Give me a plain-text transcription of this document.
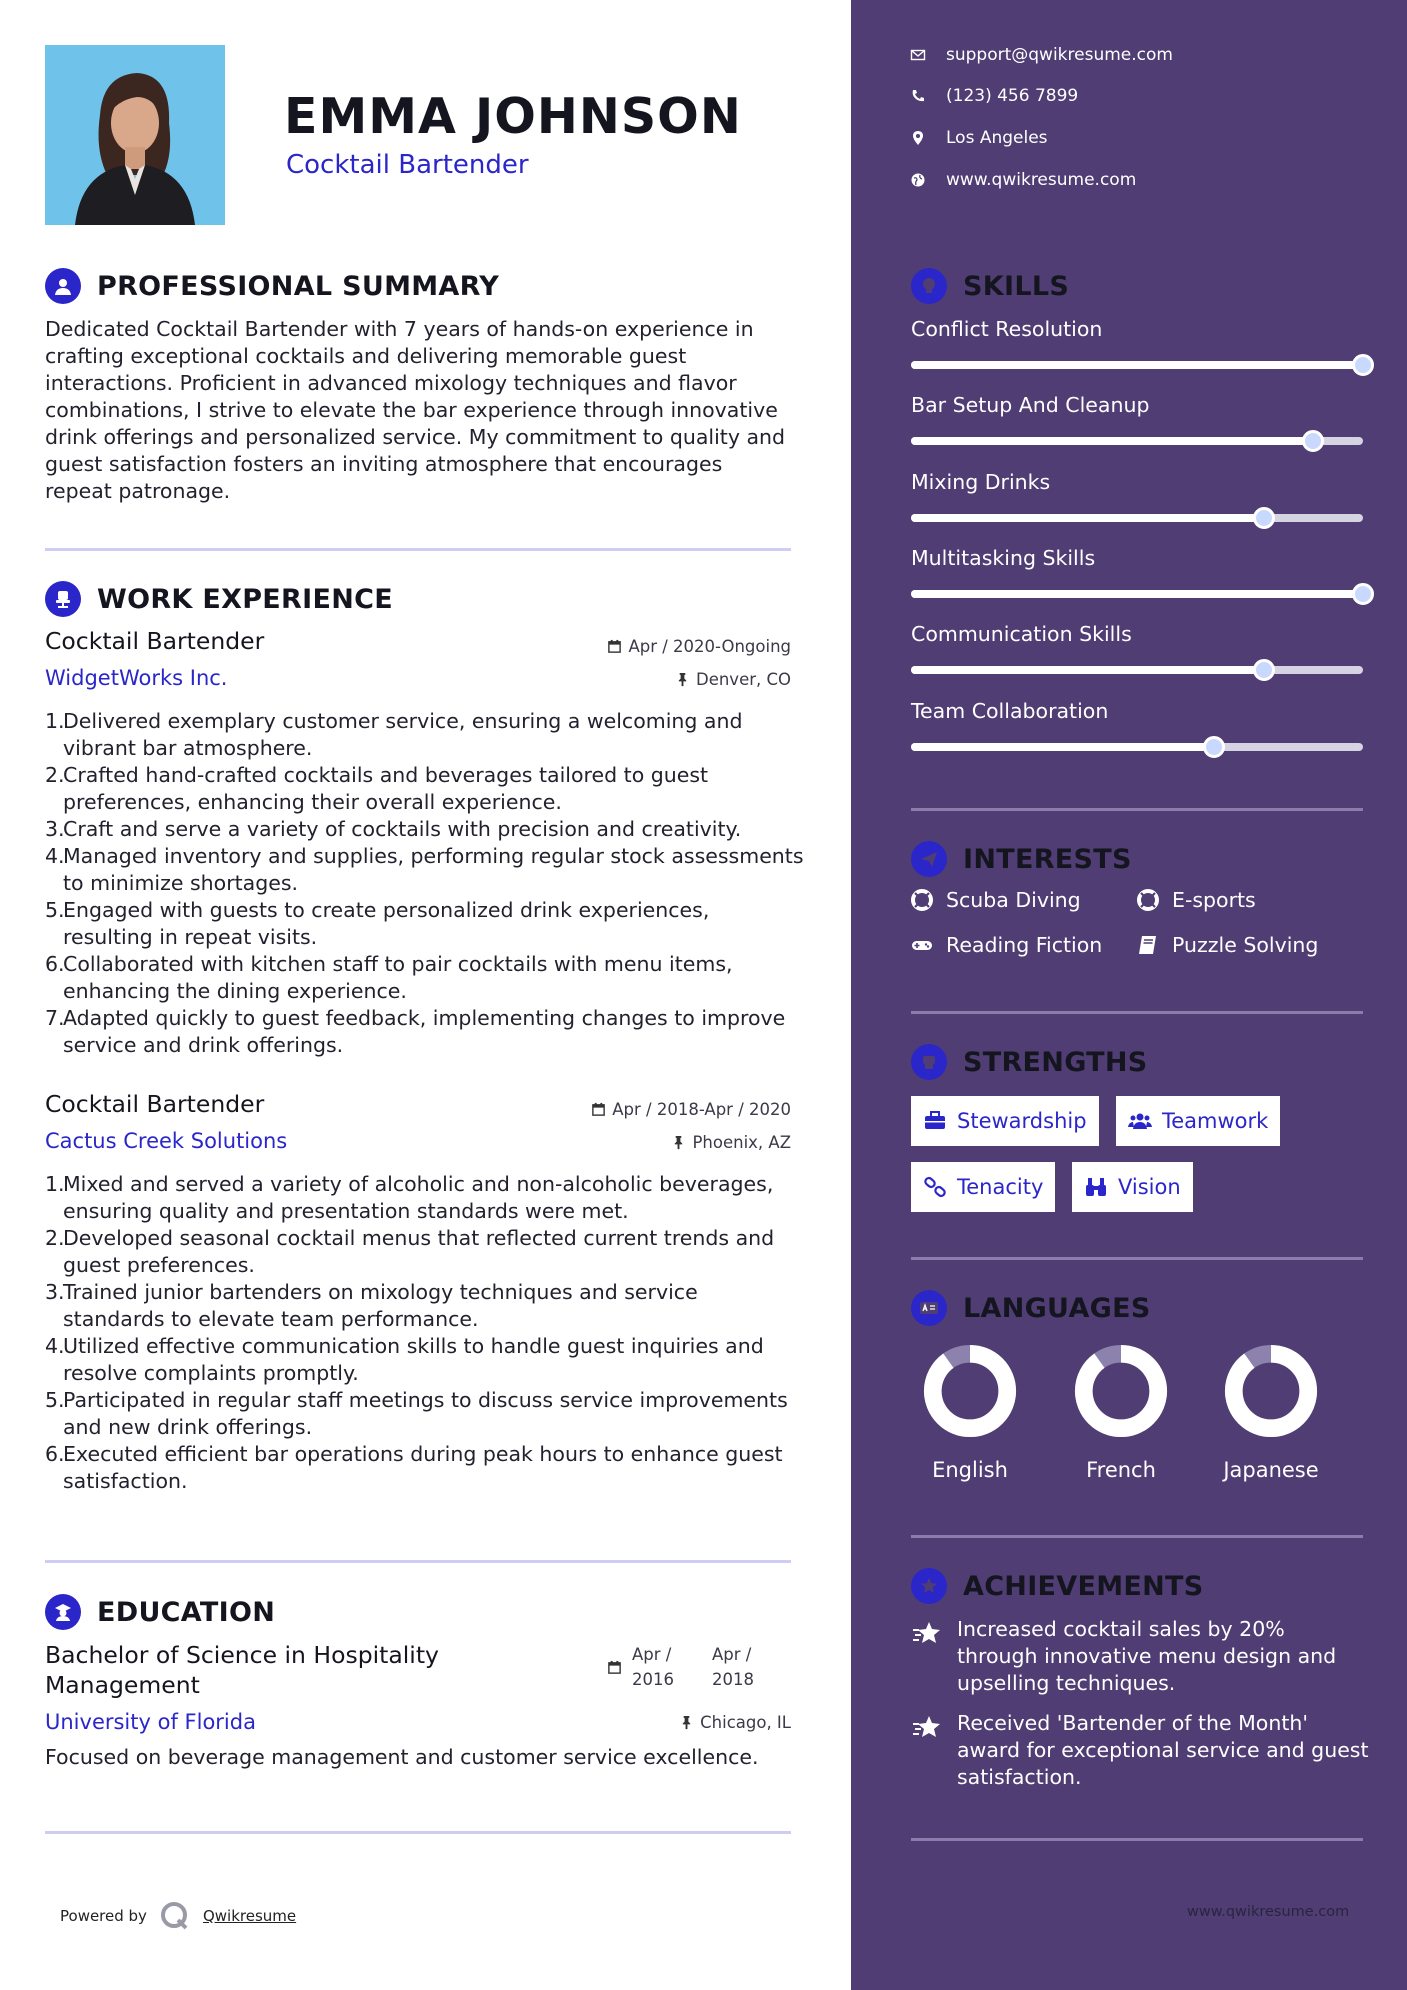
EMMA JOHNSON
Cocktail Bartender
PROFESSIONAL SUMMARY
Dedicated Cocktail Bartender with 7 years of hands-on experience in crafting exceptional cocktails and delivering memorable guest interactions. Proficient in advanced mixology techniques and flavor combinations, I strive to elevate the bar experience through innovative drink offerings and personalized service. My commitment to quality and guest satisfaction fosters an inviting atmosphere that encourages repeat patronage.
WORK EXPERIENCE
Cocktail Bartender	Apr / 2020-Ongoing
WidgetWorks Inc.	Denver, CO
1.
Delivered exemplary customer service, ensuring a welcoming and vibrant bar atmosphere.
2.
Crafted hand-crafted cocktails and beverages tailored to guest preferences, enhancing their overall experience.
3.
Craft and serve a variety of cocktails with precision and creativity.
4.
Managed inventory and supplies, performing regular stock assessments to minimize shortages.
5.
Engaged with guests to create personalized drink experiences, resulting in repeat visits.
6.
Collaborated with kitchen staff to pair cocktails with menu items, enhancing the dining experience.
7.
Adapted quickly to guest feedback, implementing changes to improve service and drink offerings.
Cocktail Bartender	Apr / 2018-Apr / 2020
Cactus Creek Solutions	Phoenix, AZ
1.
Mixed and served a variety of alcoholic and non-alcoholic beverages, ensuring quality and presentation standards were met.
2.
Developed seasonal cocktail menus that reflected current trends and guest preferences.
3.
Trained junior bartenders on mixology techniques and service standards to elevate team performance.
4.
Utilized effective communication skills to handle guest inquiries and resolve complaints promptly.
5.
Participated in regular staff meetings to discuss service improvements and new drink offerings.
6.
Executed efficient bar operations during peak hours to enhance guest satisfaction.
EDUCATION
Bachelor of Science in Hospitality Management
Apr / 2016
Apr / 2018
University of Florida	Chicago, IL
Focused on beverage management and customer service excellence.
Powered by	Qwikresume
support@qwikresume.com
(123) 456 7899
Los Angeles
www.qwikresume.com
SKILLS
Conflict Resolution
Bar Setup And Cleanup
Mixing Drinks
Multitasking Skills
Communication Skills
Team Collaboration
INTERESTS
Scuba Diving	E-sports
Reading Fiction	Puzzle Solving
STRENGTHS
Stewardship	Teamwork
Tenacity	Vision
LANGUAGES
English	French	Japanese
ACHIEVEMENTS
Increased cocktail sales by 20% through innovative menu design and upselling techniques.
Received 'Bartender of the Month' award for exceptional service and guest satisfaction.
www.qwikresume.com
